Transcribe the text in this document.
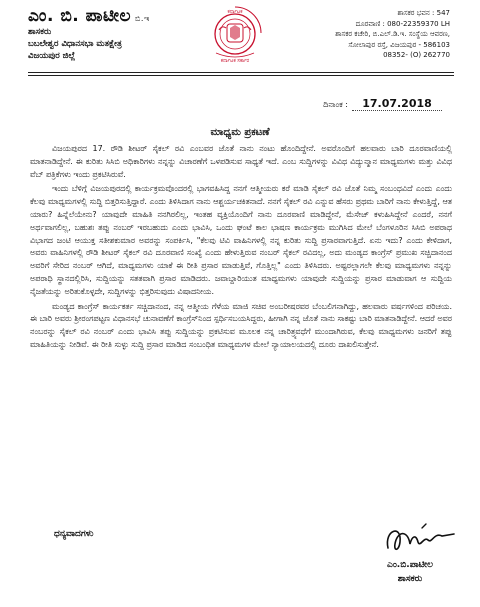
ಎಂ. ಬಿ. ಪಾಟೀಲ ಬಿ.ಇ
ಶಾಸಕರು
ಬಬಲೇಶ್ವರ ವಿಧಾನಸಭಾ ಮತಕ್ಷೇತ್ರ
ವಿಜಯಪುರ ಜಿಲ್ಲೆ
ಕರ್ನಾಟಕ
ಕರ್ನಾಟಕ ಸರ್ಕಾರ
ಶಾಸಕರ ಭವನ : 547
ದೂರವಾಣಿ : 080-22359370 LH
ಶಾಸಕರ ಕಚೇರಿ, ಬಿ.ಎಲ್.ಡಿ.ಇ. ಸಂಸ್ಥೆಯ ಆವರಣ,
ಸೋಲಾಪುರ ರಸ್ತೆ, ವಿಜಯಪುರ - 586103
08352- (O) 262770
ದಿನಾಂಕ : 17.07.2018
ಮಾಧ್ಯಮ ಪ್ರಕಟಣೆ

ವಿಜಯಪುರದ 17. ರೌಡಿ ಶೀಟರ್ ಸೈಕಲ್ ರವಿ ಎಂಬವರ ಜೊತೆ ನಾನು ನಂಟು ಹೊಂದಿದ್ದೇನೆ. ಅವರೊಂದಿಗೆ ಹಲವಾರು ಬಾರಿ ದೂರವಾಣಿಯಲ್ಲಿ ಮಾತನಾಡಿದ್ದೇನೆ. ಈ ಕುರಿತು ಸಿಸಿಬಿ ಅಧಿಕಾರಿಗಳು ನನ್ನನ್ನು ವಿಚಾರಣೆಗೆ ಒಳಪಡಿಸುವ ಸಾಧ್ಯತೆ ಇದೆ. ಎಂಬ ಸುದ್ದಿಗಳನ್ನು ವಿವಿಧ ವಿದ್ಯುನ್ಮಾನ ಮಾಧ್ಯಮಗಳು ಮತ್ತು ವಿವಿಧ ವೆಬ್ ಪತ್ರಿಕೆಗಳು ಇಂದು ಪ್ರಕಟಿಸಿರುವೆ.

ಇಂದು ಬೆಳಿಗ್ಗೆ ವಿಜಯಪುರದಲ್ಲಿ ಕಾರ್ಯಕ್ರಮವೊಂದರಲ್ಲಿ ಭಾಗವಹಿಸಿದ್ದ ನನಗೆ ಆತ್ಮೀಯರು ಕರೆ ಮಾಡಿ ಸೈಕಲ್ ರವಿ ಜೊತೆ ನಿಮ್ಮ ಸಂಬಂಧವಿದೆ ಎಂದು ಎಂದು ಕೆಲವು ಮಾಧ್ಯಮಗಳಲ್ಲಿ ಸುದ್ದಿ ಬಿತ್ತರಿಸುತ್ತಿದ್ದಾರೆ. ಎಂದು ತಿಳಿಸಿದಾಗ ನಾನು ಆಶ್ಚರ್ಯಚಕಿತನಾದೆ. ನನಗೆ ಸೈಕಲ್ ರವಿ ಎನ್ನುವ ಹೆಸರು ಪ್ರಥಮ ಬಾರಿಗೆ ನಾನು ಕೇಳುತ್ತಿದ್ದೆ, ಆತ ಯಾರು? ಹಿನ್ನೆಲೆಯೇನು? ಯಾವುದೇ ಮಾಹಿತಿ ನನಗಿರಲಿಲ್ಲ, ಇಂತಹ ವ್ಯಕ್ತಿಯೊಂದಿಗೆ ನಾನು ದೂರವಾಣಿ ಮಾಡಿದ್ದೇನೆ, ಮೆಸೇಜ್ ಕಳುಹಿಸಿದ್ದೇನೆ ಎಂದರೆ, ನನಗೆ ಅರ್ಥವಾಗಲಿಲ್ಲ, ಬಹುಶಃ ತಪ್ಪು ನಂಬರ್ ಇರಬಹುದು ಎಂದು ಭಾವಿಸಿ, ಒಂದು ಘಂಟೆ ಕಾಲ ಭಾಷಣ ಕಾರ್ಯಕ್ರಮ ಮುಗಿಸಿದ ಮೇಲೆ ಬೆಂಗಳೂರಿನ ಸಿಸಿಬಿ ಅಪರಾಧ ವಿಭಾಗದ ಜಂಟಿ ಆಯುಕ್ತ ಸತೀಶಕುಮಾರ ಅವರನ್ನು ಸಂಪರ್ಕಿಸಿ, "ಕೆಲವು ಟಿವಿ ವಾಹಿನಿಗಳಲ್ಲಿ ನನ್ನ ಕುರಿತು ಸುದ್ದಿ ಪ್ರಸಾರವಾಗುತ್ತಿದೆ. ಏನು ಇದು? ಎಂದು ಕೇಳಿದಾಗ, ಅವರು ವಾಹಿನಿಗಳಲ್ಲಿ ರೌಡಿ ಶೀಟರ್ ಸೈಕಲ್ ರವಿ ದೂರವಾಣಿ ಸಂಖ್ಯೆ ಎಂದು ಹೇಳುತ್ತಿರುವ ನಂಬರ್ ಸೈಕಲ್ ರವಿದಲ್ಲ, ಅದು ಮಂಡ್ಯದ ಕಾಂಗ್ರೆಸ್ ಪ್ರಮುಖ ಸಚ್ಚಿದಾನಂದ ಅವರಿಗೆ ಸೇರಿದ ನಂಬರ್ ಆಗಿದೆ, ಮಾಧ್ಯಮಗಳು ಯಾಕೆ ಈ ರೀತಿ ಪ್ರಸಾರ ಮಾಡುತ್ತಿವೆ, ಗೊತ್ತಿಲ್ಲ" ಎಂದು ತಿಳಿಸಿದರು. ಅಷ್ಟರಲ್ಲಾಗಲೇ ಕೆಲವು ಮಾಧ್ಯಮಗಳು ನನ್ನನ್ನು ಅಪರಾಧಿ ಸ್ಥಾನದಲ್ಲಿರಿಸಿ, ಸುದ್ದಿಯನ್ನು ಸತತವಾಗಿ ಪ್ರಸಾರ ಮಾಡಿದರು. ಜವಾಬ್ದಾರಿಯುತ ಮಾಧ್ಯಮಗಳು ಯಾವುದೇ ಸುದ್ದಿಯನ್ನು ಪ್ರಸಾರ ಮಾಡುವಾಗ ಆ ಸುದ್ದಿಯ ನೈಜತೆಯನ್ನು ಅರಿತುಕೊಳ್ಳದೇ, ಸುದ್ದಿಗಳನ್ನು ಭಿತ್ತರಿಸುವುದು ವಿಷಾದನೀಯ.

ಮಂಡ್ಯದ ಕಾಂಗ್ರೆಸ್ ಕಾರ್ಯಕರ್ತ ಸಚ್ಚಿದಾನಂದ, ನನ್ನ ಆತ್ಮೀಯ ಗೆಳೆಯ ಮಾಜಿ ಸಚಿವ ಅಂಬರೀಷರವರ ಬೆಂಬಲಿಗನಾಗಿದ್ದು, ಹಲವಾರು ವರ್ಷಗಳಿಂದ ಪರಿಚಯ. ಈ ಬಾರಿ ಅವರು ಶ್ರೀರಂಗಪಟ್ಟಣ ವಿಧಾನಸಭೆ ಚುನಾವಣೆಗೆ ಕಾಂಗ್ರೆಸ್‌ನಿಂದ ಸ್ಪರ್ಧಿಸಬಯಸಿದ್ದರು, ಹೀಗಾಗಿ ನನ್ನ ಜೊತೆ ನಾನು ಸಾಕಷ್ಟು ಬಾರಿ ಮಾತನಾಡಿದ್ದೇನೆ. ಆದರೆ ಅವರ ನಂಬರನ್ನು ಸೈಕಲ್ ರವಿ ನಂಬರ್ ಎಂದು ಭಾವಿಸಿ ತಪ್ಪು ಸುದ್ದಿಯನ್ನು ಪ್ರಕಟಿಸುವ ಮೂಲಕ ನನ್ನ ಚಾರಿತ್ರ್ಯವಧೆಗೆ ಮುಂದಾಗಿರುವ, ಕೆಲವು ಮಾಧ್ಯಮಗಳು ಜನರಿಗೆ ತಪ್ಪು ಮಾಹಿತಿಯನ್ನು ನೀಡಿವೆ. ಈ ರೀತಿ ಸುಳ್ಳು ಸುದ್ದಿ ಪ್ರಸಾರ ಮಾಡಿದ ಸಂಬಂಧಿತ ಮಾಧ್ಯಮಗಳ ಮೇಲೆ ನ್ಯಾಯಾಲಯದಲ್ಲಿ ದೂರು ದಾಖಲಿಸುತ್ತೇನೆ.

ಧನ್ಯವಾದಗಳು
ಎಂ.ಬಿ.ಪಾಟೀಲ
ಶಾಸಕರು
